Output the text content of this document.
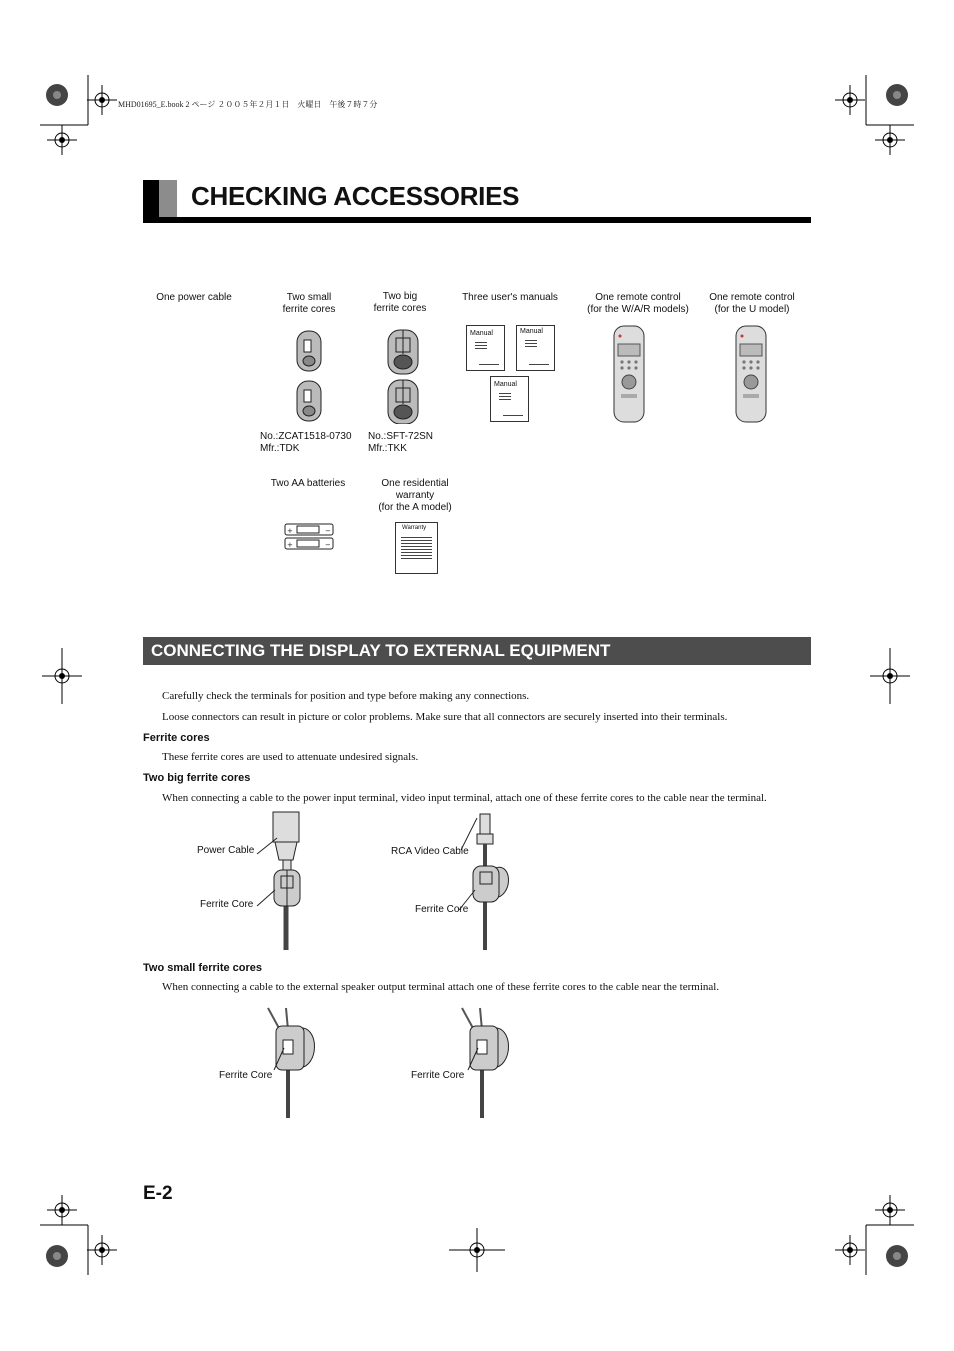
MHD01695_E.book 2 ページ ２００５年２月１日　火曜日　午後７時７分
CHECKING ACCESSORIES
One power cable	Two small
ferrite cores
Two big
ferrite cores
Three user's manuals	One remote control
(for the W/A/R models)
One remote control
(for the U model)
Manual	Manual
Manual
No.:ZCAT1518-0730
Mfr.:TDK
No.:SFT-72SN
Mfr.:TKK
Two AA batteries	One residential
warranty
(for the A model)
+	−
+	−
Warranty
CONNECTING THE DISPLAY TO EXTERNAL EQUIPMENT
Carefully check the terminals for position and type before making any connections.
Loose connectors can result in picture or color problems. Make sure that all connectors are securely inserted into their terminals.
Ferrite cores
These ferrite cores are used to attenuate undesired signals.
Two big ferrite cores
When connecting a cable to the power input terminal, video input terminal, attach one of these ferrite cores to the cable near the terminal.
Power Cable
Ferrite Core
RCA Video Cable
Ferrite Core
Two small ferrite cores
When connecting a cable to the external speaker output terminal attach one of these ferrite cores to the cable near the terminal.
Ferrite Core	Ferrite Core
E-2
